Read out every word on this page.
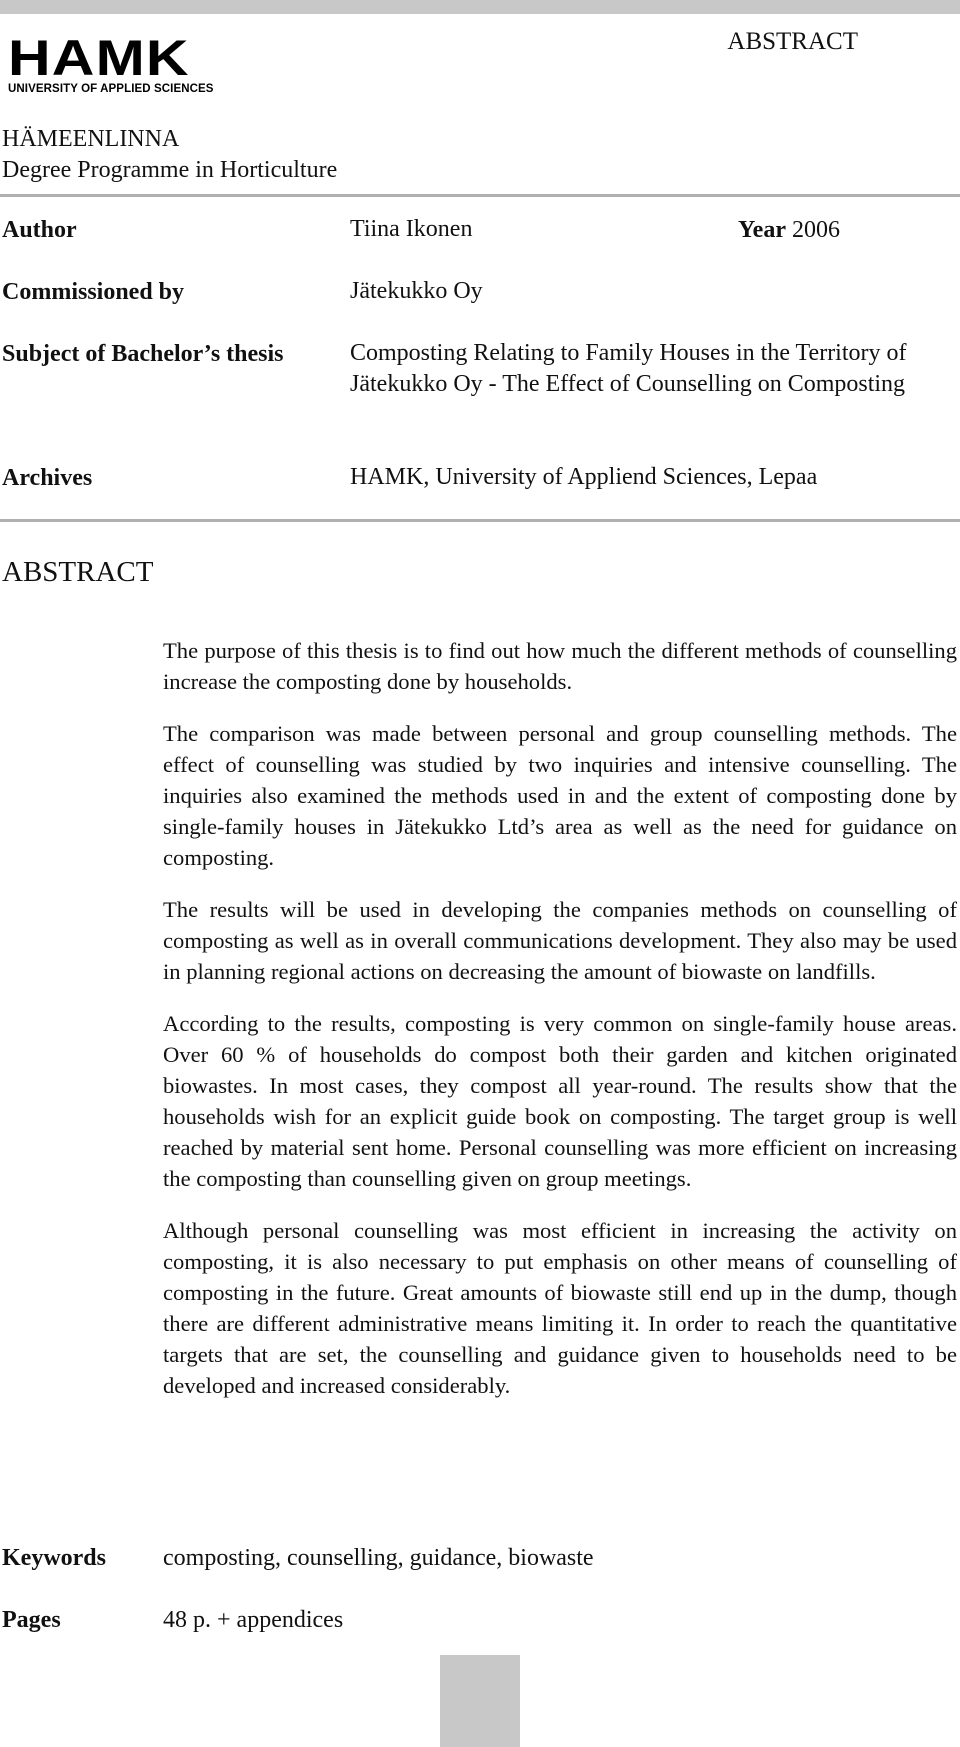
HAMK
UNIVERSITY OF APPLIED SCIENCES
ABSTRACT
HÄMEENLINNA
Degree Programme in Horticulture
Author	Tiina Ikonen	Year 2006
Commissioned by	Jätekukko Oy
Subject of Bachelor’s thesis	Composting Relating to Family Houses in the Territory of Jätekukko Oy - The Effect of Counselling on Composting
Archives	HAMK, University of Appliend Sciences, Lepaa
ABSTRACT

The purpose of this thesis is to find out how much the different methods of counselling increase the composting done by households.

The comparison was made between personal and group counselling methods. The effect of counselling was studied by two inquiries and intensive counselling. The inquiries also examined the methods used in and the extent of composting done by single-family houses in Jätekukko Ltd’s area as well as the need for guidance on composting.

The results will be used in developing the companies methods on counselling of composting as well as in overall communications development. They also may be used in planning regional actions on decreasing the amount of biowaste on landfills.

According to the results, composting is very common on single-family house areas. Over 60 % of households do compost both their garden and kitchen originated biowastes. In most cases, they compost all year-round. The results show that the households wish for an explicit guide book on composting. The target group is well reached by material sent home. Personal counselling was more efficient on increasing the composting than counselling given on group meetings.

Although personal counselling was most efficient in increasing the activity on composting, it is also necessary to put emphasis on other means of counselling of composting in the future. Great amounts of biowaste still end up in the dump, though there are different administrative means limiting it. In order to reach the quantitative targets that are set, the counselling and guidance given to households need to be developed and increased considerably.

Keywords composting, counselling, guidance, biowaste
Pages	48 p. + appendices
